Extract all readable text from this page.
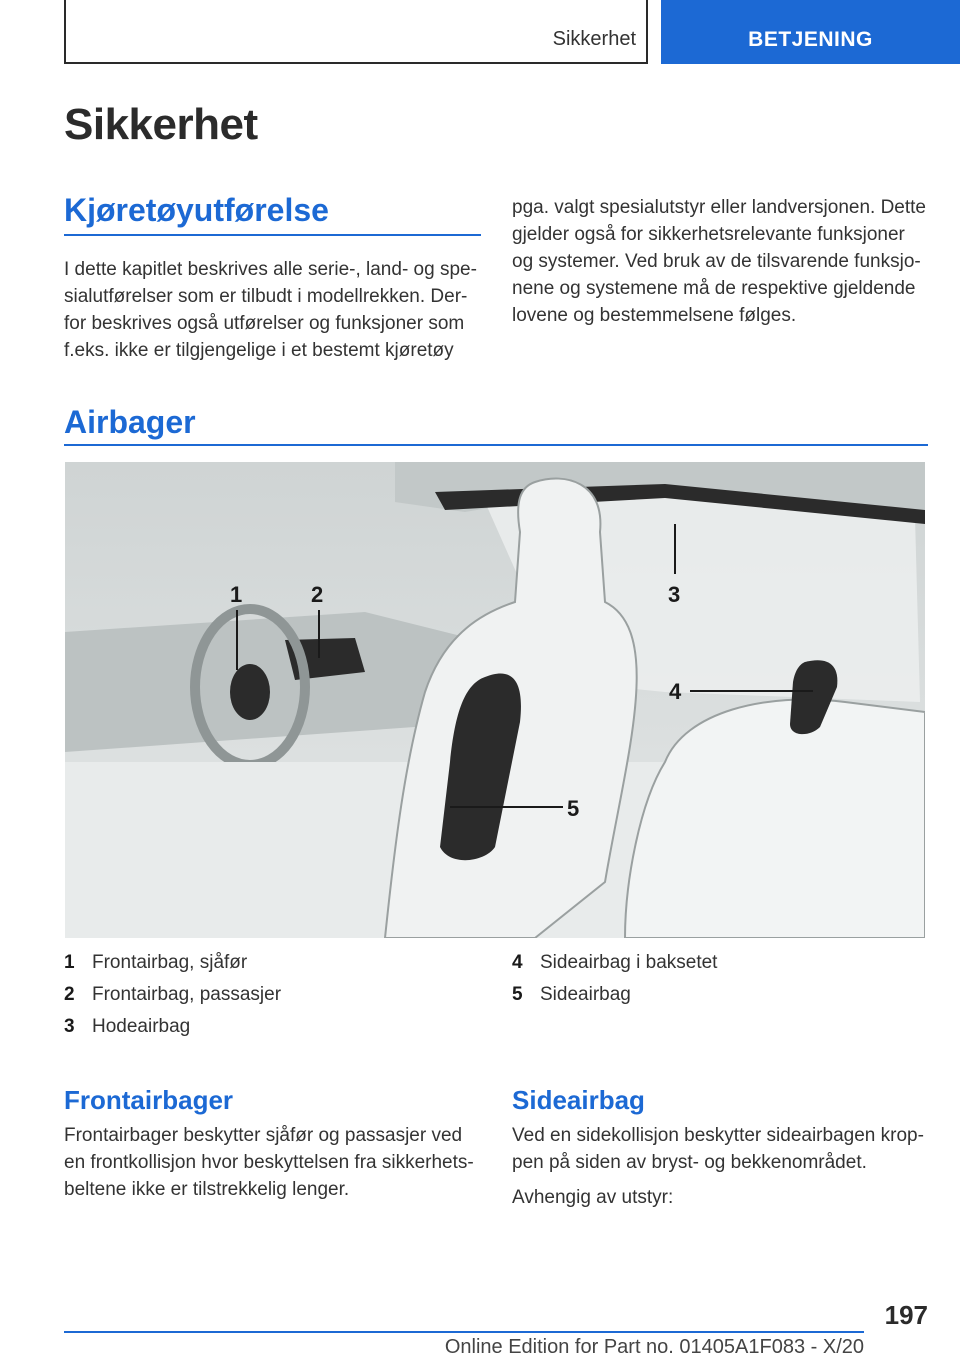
Sikkerhet	BETJENING
Sikkerhet
Kjøretøyutførelse

I dette kapitlet beskrives alle serie-, land- og spe-sialutførelser som er tilbudt i modellrekken. Der-for beskrives også utførelser og funksjoner som f.eks. ikke er tilgjengelige i et bestemt kjøretøy

pga. valgt spesialutstyr eller landversjonen. Dette gjelder også for sikkerhetsrelevante funksjoner og systemer. Ved bruk av de tilsvarende funksjo-nene og systemene må de respektive gjeldende lovene og bestemmelsene følges.

Airbager
1	2	3
4
5
1 Frontairbag, sjåfør
2 Frontairbag, passasjer
3 Hodeairbag
4 Sideairbag i baksetet
5 Sideairbag
Frontairbager

Frontairbager beskytter sjåfør og passasjer ved en frontkollisjon hvor beskyttelsen fra sikkerhets-beltene ikke er tilstrekkelig lenger.

Sideairbag

Ved en sidekollisjon beskytter sideairbagen krop-pen på siden av bryst- og bekkenområdet.

Avhengig av utstyr:

197
Online Edition for Part no. 01405A1F083 - X/20
